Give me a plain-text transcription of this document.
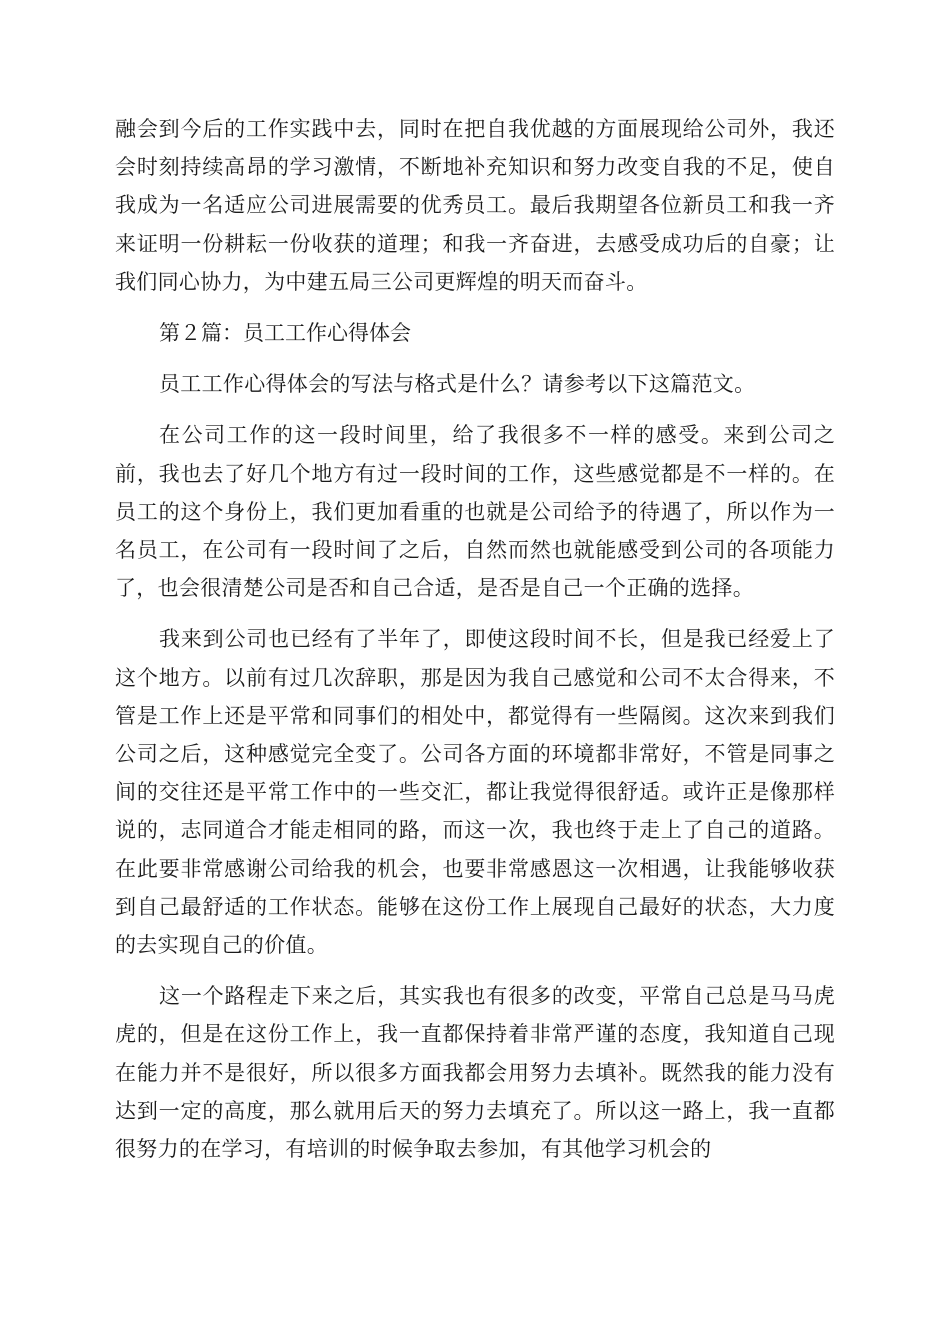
融会到今后的工作实践中去，同时在把自我优越的方面展现给公司外，我还会时刻持续高昂的学习激情，不断地补充知识和努力改变自我的不足，使自我成为一名适应公司进展需要的优秀员工。最后我期望各位新员工和我一齐来证明一份耕耘一份收获的道理；和我一齐奋进，去感受成功后的自豪；让我们同心协力，为中建五局三公司更辉煌的明天而奋斗。

第２篇：员工工作心得体会

员工工作心得体会的写法与格式是什么？请参考以下这篇范文。

在公司工作的这一段时间里，给了我很多不一样的感受。来到公司之前，我也去了好几个地方有过一段时间的工作，这些感觉都是不一样的。在员工的这个身份上，我们更加看重的也就是公司给予的待遇了，所以作为一名员工，在公司有一段时间了之后，自然而然也就能感受到公司的各项能力了，也会很清楚公司是否和自己合适，是否是自己一个正确的选择。

我来到公司也已经有了半年了，即使这段时间不长，但是我已经爱上了这个地方。以前有过几次辞职，那是因为我自己感觉和公司不太合得来，不管是工作上还是平常和同事们的相处中，都觉得有一些隔阂。这次来到我们公司之后，这种感觉完全变了。公司各方面的环境都非常好，不管是同事之间的交往还是平常工作中的一些交汇，都让我觉得很舒适。或许正是像那样说的，志同道合才能走相同的路，而这一次，我也终于走上了自己的道路。在此要非常感谢公司给我的机会，也要非常感恩这一次相遇，让我能够收获到自己最舒适的工作状态。能够在这份工作上展现自己最好的状态，大力度的去实现自己的价值。

这一个路程走下来之后，其实我也有很多的改变，平常自己总是马马虎虎的，但是在这份工作上，我一直都保持着非常严谨的态度，我知道自己现在能力并不是很好，所以很多方面我都会用努力去填补。既然我的能力没有达到一定的高度，那么就用后天的努力去填充了。所以这一路上，我一直都很努力的在学习，有培训的时候争取去参加，有其他学习机会的
